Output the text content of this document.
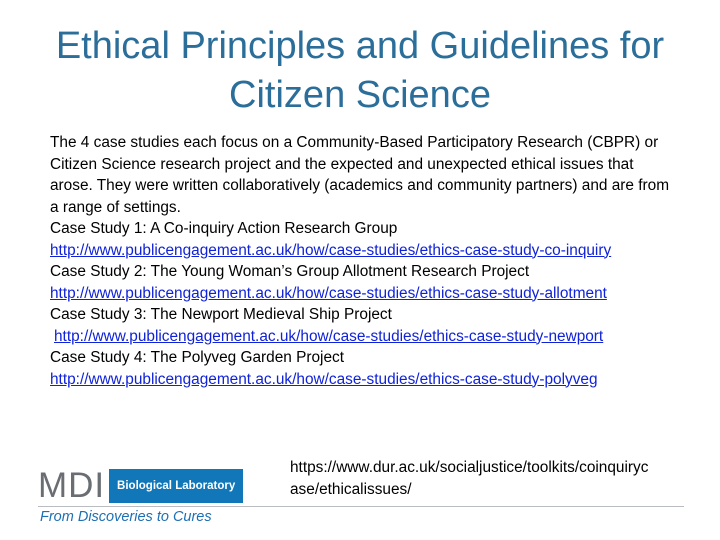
Ethical Principles and Guidelines for Citizen Science

The 4 case studies each focus on a Community-Based Participatory Research (CBPR) or Citizen Science research project and the expected and unexpected ethical issues that arose. They were written collaboratively (academics and community partners) and are from a range of settings.

Case Study 1: A Co-inquiry Action Research Group

http://www.publicengagement.ac.uk/how/case-studies/ethics-case-study-co-inquiry

Case Study 2: The Young Woman’s Group Allotment Research Project

http://www.publicengagement.ac.uk/how/case-studies/ethics-case-study-allotment

Case Study 3: The Newport Medieval Ship Project

http://www.publicengagement.ac.uk/how/case-studies/ethics-case-study-newport

Case Study 4: The Polyveg Garden Project

http://www.publicengagement.ac.uk/how/case-studies/ethics-case-study-polyveg

https://www.dur.ac.uk/socialjustice/toolkits/coinquirycase/ethicalissues/
MDI	Biological Laboratory
From Discoveries to Cures
